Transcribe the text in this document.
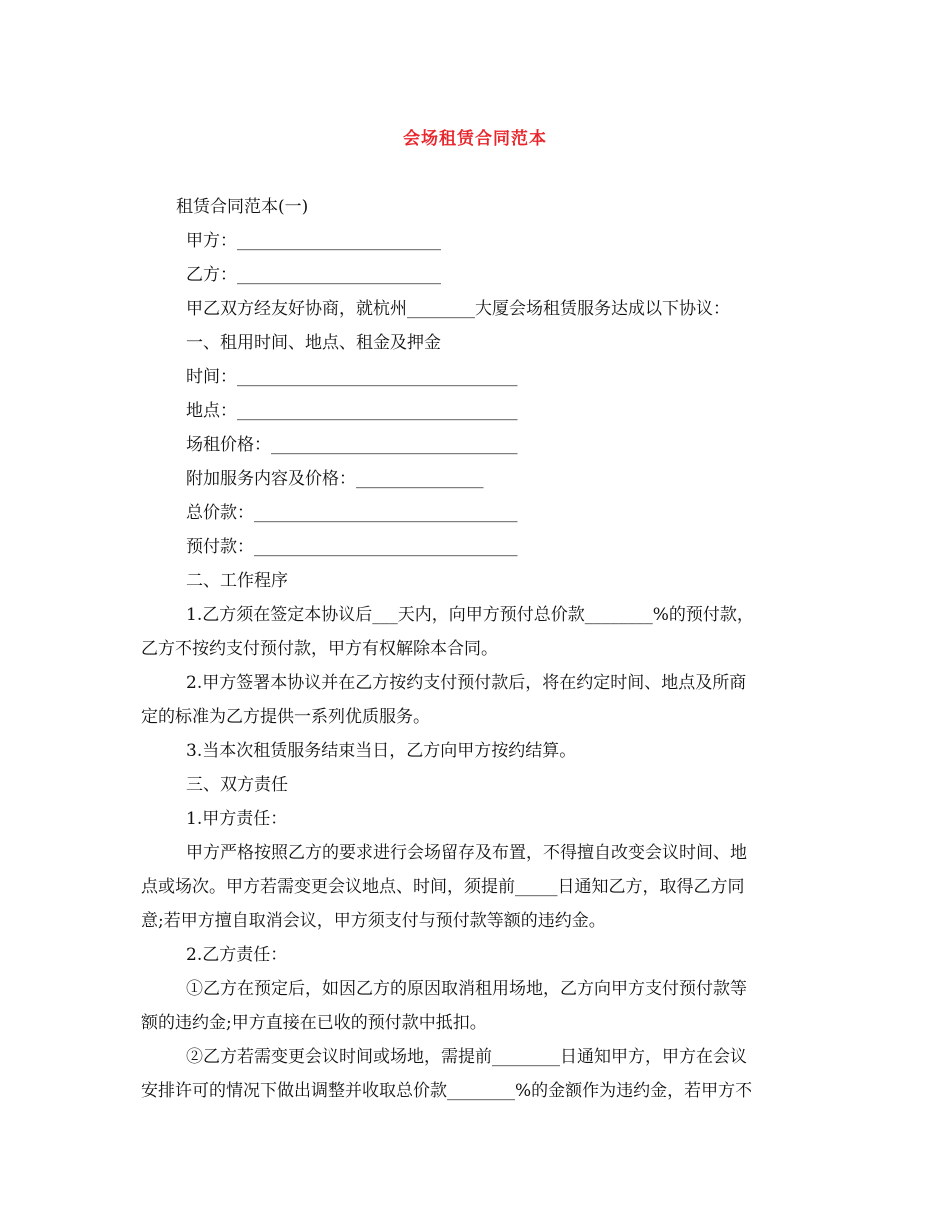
会场租赁合同范本
租赁合同范本(一)
甲方：________________________
乙方：________________________
甲乙双方经友好协商，就杭州________大厦会场租赁服务达成以下协议：
一、租用时间、地点、租金及押金
时间：_________________________________
地点：_________________________________
场租价格：_____________________________
附加服务内容及价格：_______________
总价款：_______________________________
预付款：_______________________________
二、工作程序
1.乙方须在签定本协议后___天内，向甲方预付总价款________%的预付款，
乙方不按约支付预付款，甲方有权解除本合同。
2.甲方签署本协议并在乙方按约支付预付款后，将在约定时间、地点及所商
定的标准为乙方提供一系列优质服务。
3.当本次租赁服务结束当日，乙方向甲方按约结算。
三、双方责任
1.甲方责任：
甲方严格按照乙方的要求进行会场留存及布置，不得擅自改变会议时间、地
点或场次。甲方若需变更会议地点、时间，须提前_____日通知乙方，取得乙方同
意;若甲方擅自取消会议，甲方须支付与预付款等额的违约金。
2.乙方责任：
①乙方在预定后，如因乙方的原因取消租用场地，乙方向甲方支付预付款等
额的违约金;甲方直接在已收的预付款中抵扣。
②乙方若需变更会议时间或场地，需提前________日通知甲方，甲方在会议
安排许可的情况下做出调整并收取总价款________%的金额作为违约金，若甲方不
